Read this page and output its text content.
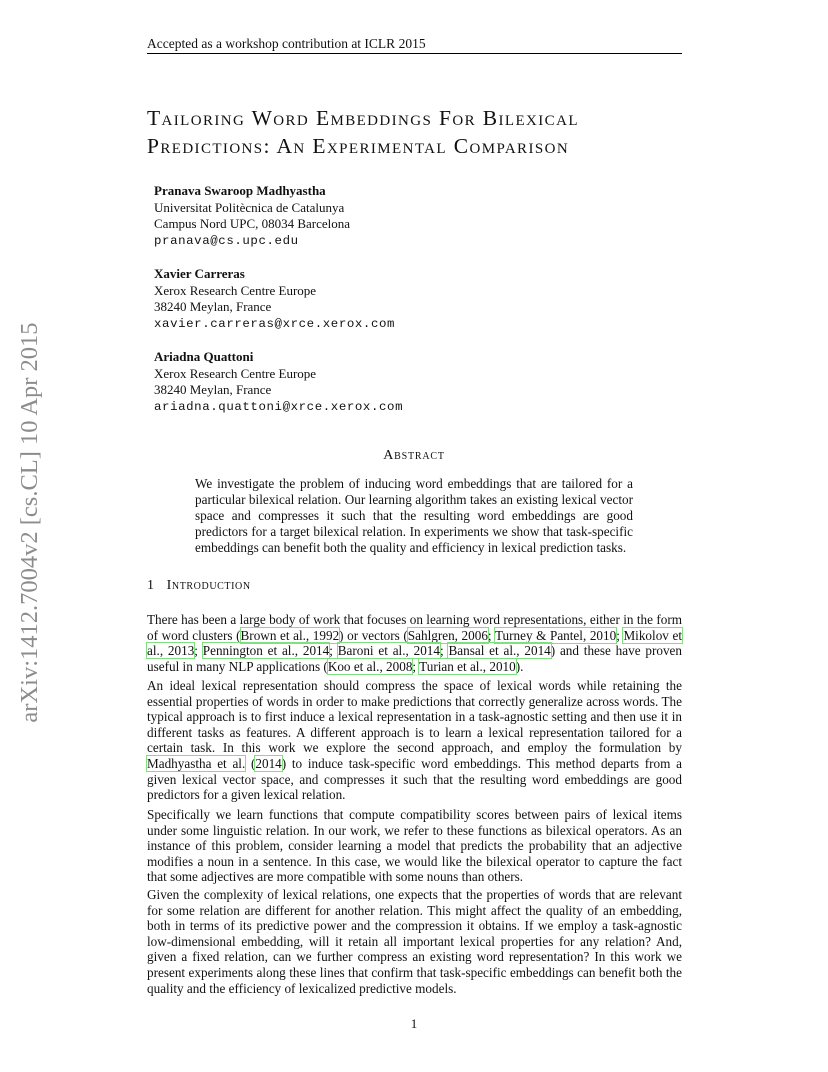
Accepted as a workshop contribution at ICLR 2015
Tailoring Word Embeddings For Bilexical
Predictions: An Experimental Comparison
Pranava Swaroop Madhyastha
Universitat Politècnica de Catalunya
Campus Nord UPC, 08034 Barcelona
pranava@cs.upc.edu
Xavier Carreras
Xerox Research Centre Europe
38240 Meylan, France
xavier.carreras@xrce.xerox.com
Ariadna Quattoni
Xerox Research Centre Europe
38240 Meylan, France
ariadna.quattoni@xrce.xerox.com
arXiv:1412.7004v2 [cs.CL] 10 Apr 2015	Abstract
We investigate the problem of inducing word embeddings that are tailored for a particular bilexical relation. Our learning algorithm takes an existing lexical vector space and compresses it such that the resulting word embeddings are good predictors for a target bilexical relation. In experiments we show that task-specific embeddings can benefit both the quality and efficiency in lexical prediction tasks.
1 Introduction
There has been a large body of work that focuses on learning word representations, either in the form of word clusters (Brown et al., 1992) or vectors (Sahlgren, 2006; Turney & Pantel, 2010; Mikolov et al., 2013; Pennington et al., 2014; Baroni et al., 2014; Bansal et al., 2014) and these have proven useful in many NLP applications (Koo et al., 2008; Turian et al., 2010).
An ideal lexical representation should compress the space of lexical words while retaining the essential properties of words in order to make predictions that correctly generalize across words. The typical approach is to first induce a lexical representation in a task-agnostic setting and then use it in different tasks as features. A different approach is to learn a lexical representation tailored for a certain task. In this work we explore the second approach, and employ the formulation by Madhyastha et al. (2014) to induce task-specific word embeddings. This method departs from a given lexical vector space, and compresses it such that the resulting word embeddings are good predictors for a given lexical relation.
Specifically we learn functions that compute compatibility scores between pairs of lexical items under some linguistic relation. In our work, we refer to these functions as bilexical operators. As an instance of this problem, consider learning a model that predicts the probability that an adjective modifies a noun in a sentence. In this case, we would like the bilexical operator to capture the fact that some adjectives are more compatible with some nouns than others.
Given the complexity of lexical relations, one expects that the properties of words that are relevant for some relation are different for another relation. This might affect the quality of an embedding, both in terms of its predictive power and the compression it obtains. If we employ a task-agnostic low-dimensional embedding, will it retain all important lexical properties for any relation? And, given a fixed relation, can we further compress an existing word representation? In this work we present experiments along these lines that confirm that task-specific embeddings can benefit both the quality and the efficiency of lexicalized predictive models.
1
